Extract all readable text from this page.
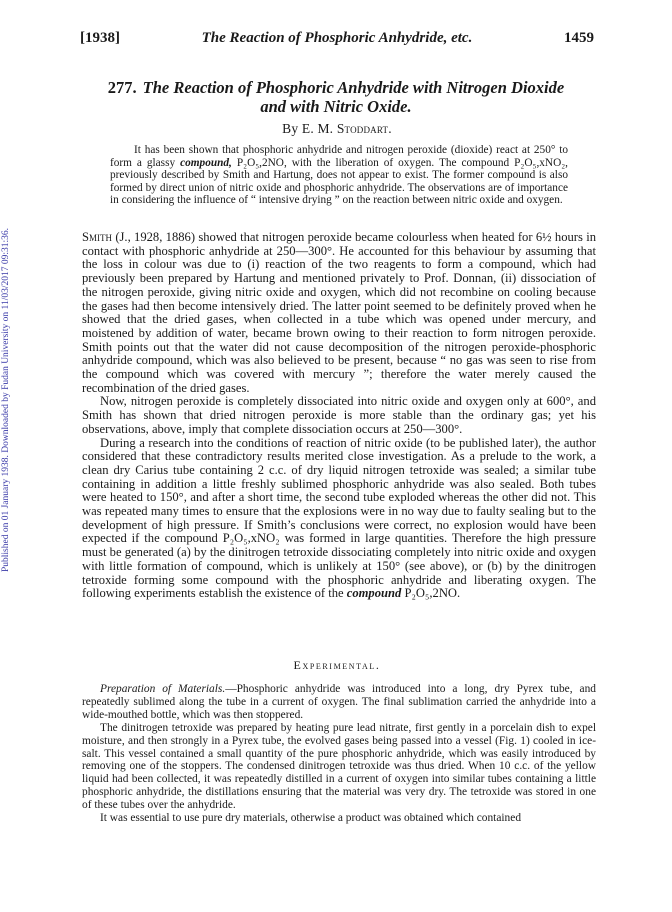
Published on 01 January 1938. Downloaded by Fudan University on 11/03/2017 09:31:36.
[1938]	The Reaction of Phosphoric Anhydride, etc.	1459
277. The Reaction of Phosphoric Anhydride with Nitrogen Dioxide
and with Nitric Oxide.
By E. M. Stoddart.

It has been shown that phosphoric anhydride and nitrogen peroxide (dioxide) react at 250° to form a glassy compound, P₂O₅,2NO, with the liberation of oxygen. The compound P₂O₅,xNO₂, previously described by Smith and Hartung, does not appear to exist. The former compound is also formed by direct union of nitric oxide and phosphoric anhydride. The observations are of importance in considering the influence of “ intensive drying ” on the reaction between nitric oxide and oxygen.

Smith (J., 1928, 1886) showed that nitrogen peroxide became colourless when heated for 6½ hours in contact with phosphoric anhydride at 250—300°. He accounted for this behaviour by assuming that the loss in colour was due to (i) reaction of the two reagents to form a compound, which had previously been prepared by Hartung and mentioned privately to Prof. Donnan, (ii) dissociation of the nitrogen peroxide, giving nitric oxide and oxygen, which did not recombine on cooling because the gases had then become intensively dried. The latter point seemed to be definitely proved when he showed that the dried gases, when collected in a tube which was opened under mercury, and moistened by addition of water, became brown owing to their reaction to form nitrogen peroxide. Smith points out that the water did not cause decomposition of the nitrogen peroxide-phosphoric anhydride compound, which was also believed to be present, because “ no gas was seen to rise from the compound which was covered with mercury ”; therefore the water merely caused the recombination of the dried gases.

Now, nitrogen peroxide is completely dissociated into nitric oxide and oxygen only at 600°, and Smith has shown that dried nitrogen peroxide is more stable than the ordinary gas; yet his observations, above, imply that complete dissociation occurs at 250—300°.

During a research into the conditions of reaction of nitric oxide (to be published later), the author considered that these contradictory results merited close investigation. As a prelude to the work, a clean dry Carius tube containing 2 c.c. of dry liquid nitrogen tetroxide was sealed; a similar tube containing in addition a little freshly sublimed phosphoric anhydride was also sealed. Both tubes were heated to 150°, and after a short time, the second tube exploded whereas the other did not. This was repeated many times to ensure that the explosions were in no way due to faulty sealing but to the development of high pressure. If Smith’s conclusions were correct, no explosion would have been expected if the compound P₂O₅,xNO₂ was formed in large quantities. Therefore the high pressure must be generated (a) by the dinitrogen tetroxide dissociating completely into nitric oxide and oxygen with little formation of compound, which is unlikely at 150° (see above), or (b) by the dinitrogen tetroxide forming some compound with the phosphoric anhydride and liberating oxygen. The following experiments establish the existence of the compound P₂O₅,2NO.

Experimental.

Preparation of Materials.—Phosphoric anhydride was introduced into a long, dry Pyrex tube, and repeatedly sublimed along the tube in a current of oxygen. The final sublimation carried the anhydride into a wide-mouthed bottle, which was then stoppered.

The dinitrogen tetroxide was prepared by heating pure lead nitrate, first gently in a porcelain dish to expel moisture, and then strongly in a Pyrex tube, the evolved gases being passed into a vessel (Fig. 1) cooled in ice-salt. This vessel contained a small quantity of the pure phosphoric anhydride, which was easily introduced by removing one of the stoppers. The condensed dinitrogen tetroxide was thus dried. When 10 c.c. of the yellow liquid had been collected, it was repeatedly distilled in a current of oxygen into similar tubes containing a little phosphoric anhydride, the distillations ensuring that the material was very dry. The tetroxide was stored in one of these tubes over the anhydride.

It was essential to use pure dry materials, otherwise a product was obtained which contained
